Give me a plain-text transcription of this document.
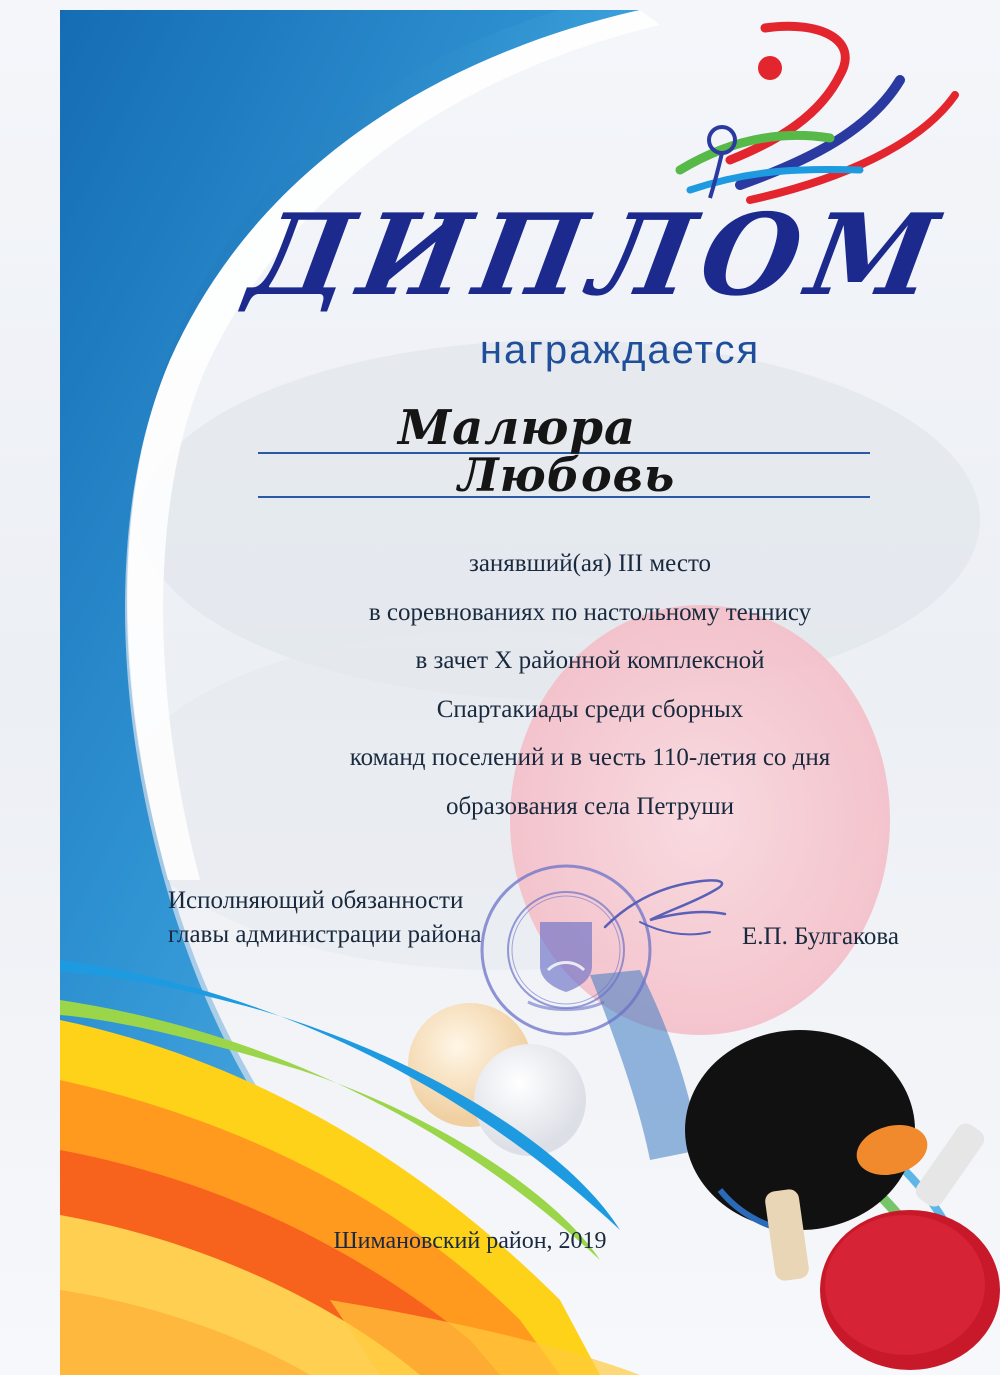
ДИПЛОМ
награждается
Малюра
Любовь
занявший(ая) III место
в соревнованиях по настольному теннису
в зачет X районной комплексной
Спартакиады среди сборных
команд поселений и в честь 110-летия со дня
образования села Петруши
Исполняющий обязанности
главы администрации района	Е.П. Булгакова
Шимановский район, 2019
